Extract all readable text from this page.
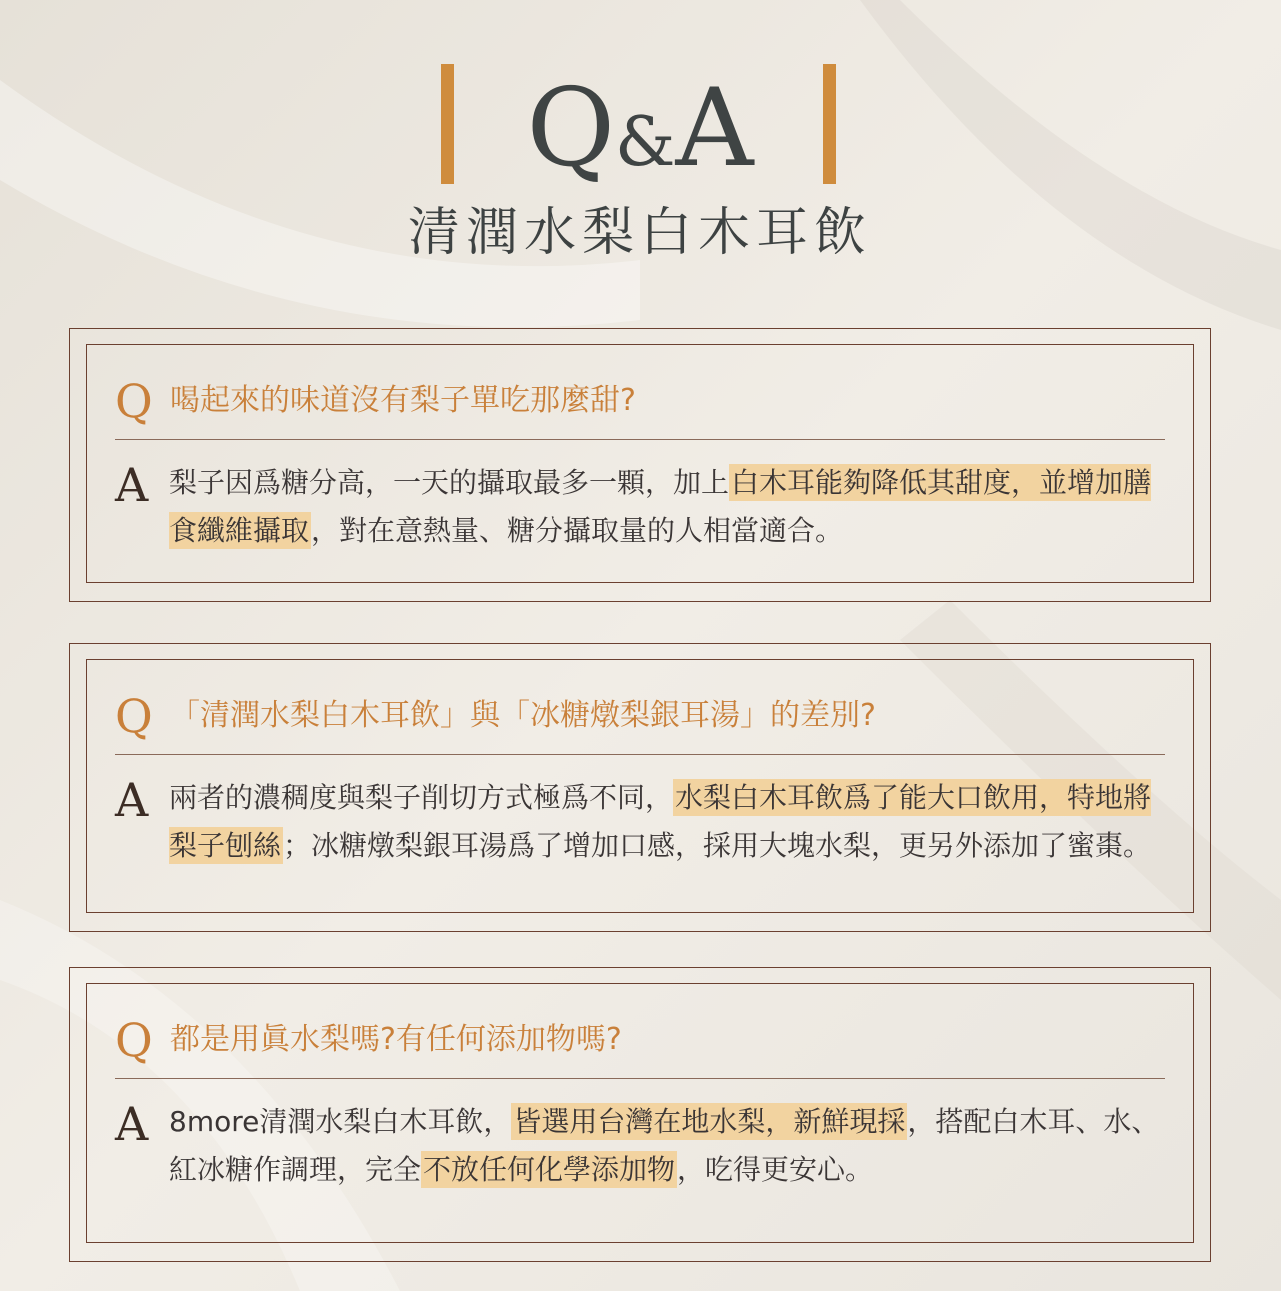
Q&A
清潤水梨白木耳飲
Q 喝起來的味道沒有梨子單吃那麼甜?
A 梨子因爲糖分高，一天的攝取最多一顆，加上白木耳能夠降低其甜度，並增加膳食纖維攝取，對在意熱量、糖分攝取量的人相當適合。
Q 「清潤水梨白木耳飲」與「冰糖燉梨銀耳湯」的差別?
A 兩者的濃稠度與梨子削切方式極爲不同，水梨白木耳飲爲了能大口飲用，特地將梨子刨絲；冰糖燉梨銀耳湯爲了增加口感，採用大塊水梨，更另外添加了蜜棗。
Q 都是用眞水梨嗎?有任何添加物嗎?
A 8more清潤水梨白木耳飲，皆選用台灣在地水梨，新鮮現採，搭配白木耳、水、紅冰糖作調理，完全不放任何化學添加物，吃得更安心。
